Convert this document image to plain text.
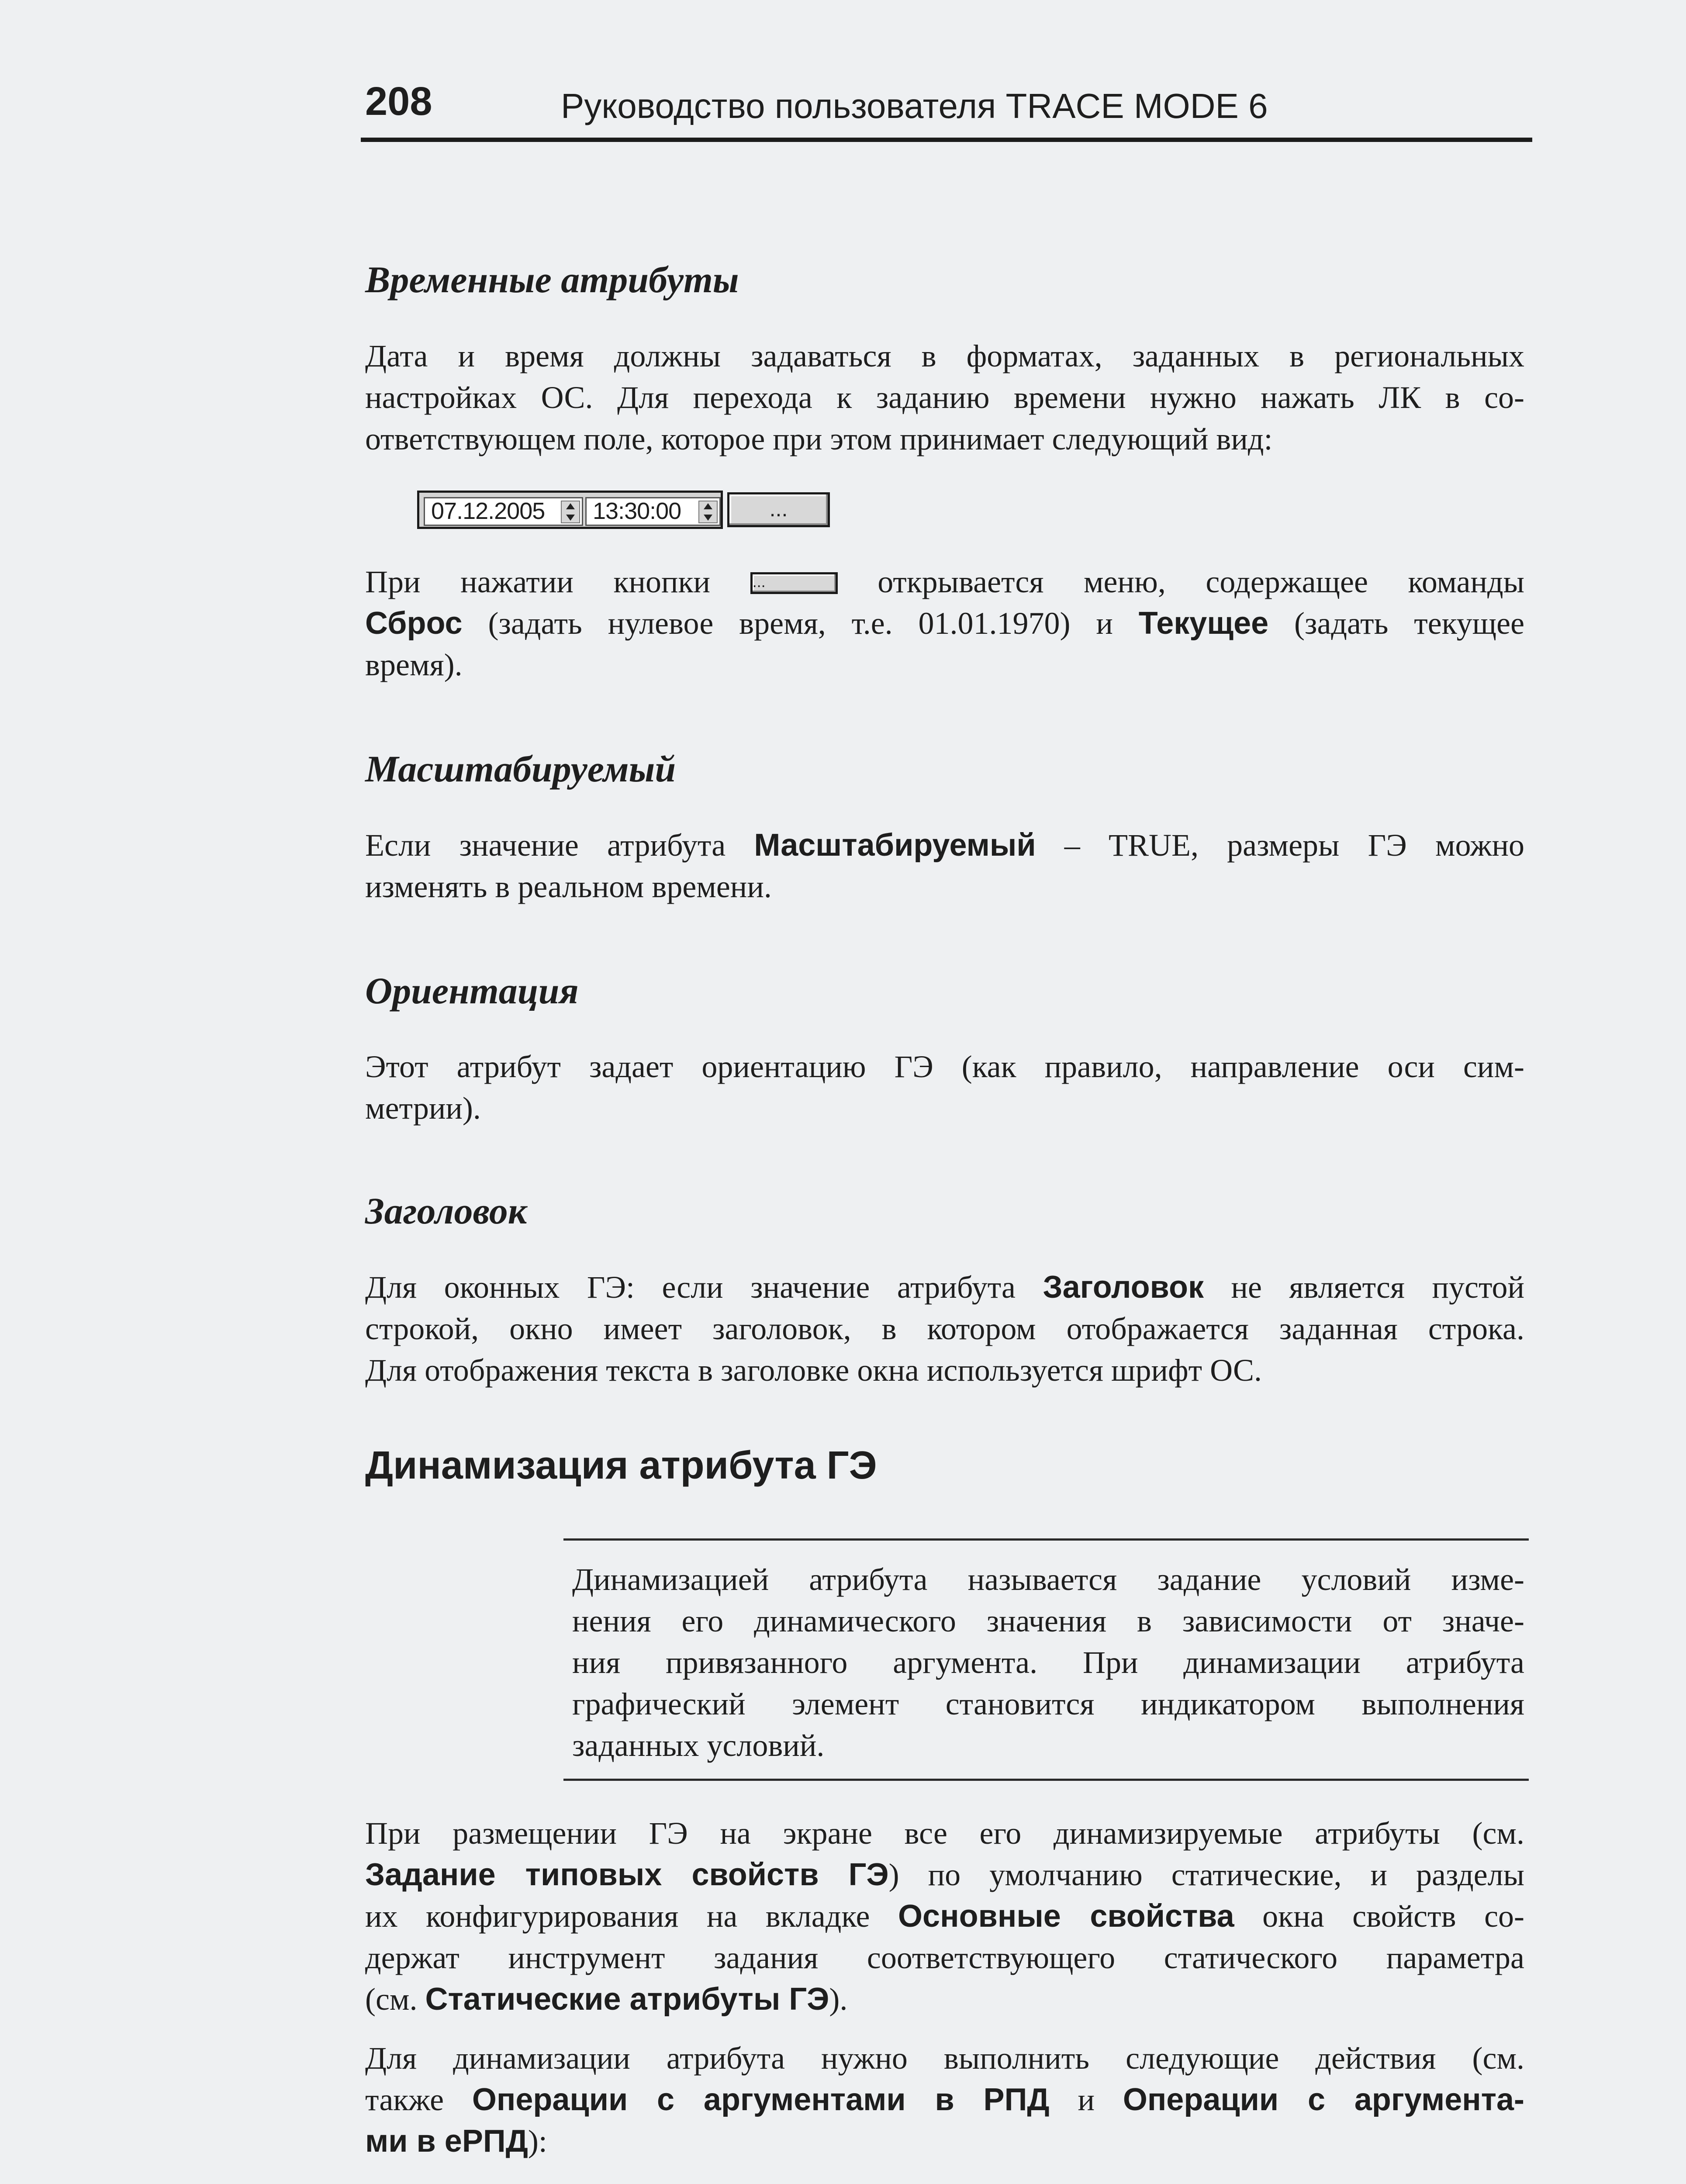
208	Руководство пользователя TRACE MODE 6
Временные атрибуты
Дата и время должны задаваться в форматах, заданных в региональных
настройках ОС. Для перехода к заданию времени нужно нажать ЛК в со-
ответствующем поле, которое при этом принимает следующий вид:
07.12.2005	13:30:00	...
При нажатии кнопки	...	открывается меню, содержащее команды
Сброс (задать нулевое время, т.е. 01.01.1970) и Текущее (задать текущее
время).
Масштабируемый
Если значение атрибута Масштабируемый – TRUE, размеры ГЭ можно
изменять в реальном времени.
Ориентация
Этот атрибут задает ориентацию ГЭ (как правило, направление оси сим-
метрии).
Заголовок
Для оконных ГЭ: если значение атрибута Заголовок не является пустой
строкой, окно имеет заголовок, в котором отображается заданная строка.
Для отображения текста в заголовке окна используется шрифт ОС.
Динамизация атрибута ГЭ
Динамизацией атрибута называется задание условий изме-
нения его динамического значения в зависимости от значе-
ния привязанного аргумента. При динамизации атрибута
графический элемент становится индикатором выполнения
заданных условий.
При размещении ГЭ на экране все его динамизируемые атрибуты (см.
Задание типовых свойств ГЭ) по умолчанию статические, и разделы
их конфигурирования на вкладке Основные свойства окна свойств со-
держат инструмент задания соответствующего статического параметра
(см. Статические атрибуты ГЭ).
Для динамизации атрибута нужно выполнить следующие действия (см.
также Операции с аргументами в РПД и Операции с аргумента-
ми в еРПД):
